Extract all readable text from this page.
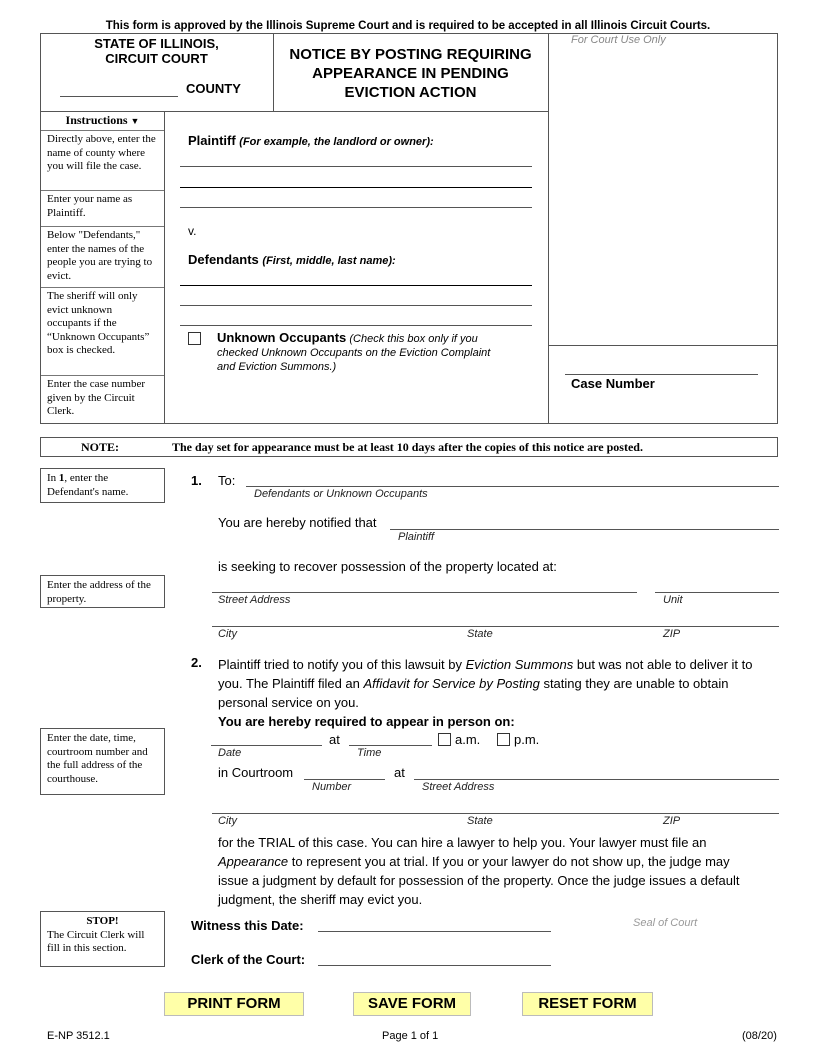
This form is approved by the Illinois Supreme Court and is required to be accepted in all Illinois Circuit Courts.
STATE OF ILLINOIS,
CIRCUIT COURT
COUNTY
NOTICE BY POSTING REQUIRING
APPEARANCE IN PENDING
EVICTION ACTION
For Court Use Only
Instructions ▼
Directly above, enter the name of county where you will file the case.
Enter your name as Plaintiff.
Below "Defendants," enter the names of the people you are trying to evict.
The sheriff will only evict unknown occupants if the “Unknown Occupants” box is checked.
Enter the case number given by the Circuit Clerk.
Plaintiff (For example, the landlord or owner):
v.
Defendants (First, middle, last name):
Unknown Occupants (Check this box only if you
checked Unknown Occupants on the Eviction Complaint
and Eviction Summons.)
Case Number
NOTE:	The day set for appearance must be at least 10 days after the copies of this notice are posted.
In 1, enter the Defendant's name.
Enter the address of the property.
Enter the date, time, courtroom number and the full address of the courthouse.
STOP!
The Circuit Clerk will fill in this section.
1. To:
Defendants or Unknown Occupants
You are hereby notified that
Plaintiff
is seeking to recover possession of the property located at:
Street Address	Unit
City	State	ZIP
2. Plaintiff tried to notify you of this lawsuit by Eviction Summons but was not able to deliver it to
you. The Plaintiff filed an Affidavit for Service by Posting stating they are unable to obtain
personal service on you.
You are hereby required to appear in person on:
at	a.m.	p.m.
Date	Time
in Courtroom	at
Number	Street Address
City	State	ZIP
for the TRIAL of this case. You can hire a lawyer to help you. Your lawyer must file an
Appearance to represent you at trial. If you or your lawyer do not show up, the judge may
issue a judgment by default for possession of the property. Once the judge issues a default
judgment, the sheriff may evict you.
Witness this Date:	Seal of Court
Clerk of the Court:
PRINT FORM	SAVE FORM	RESET FORM
E-NP 3512.1	Page 1 of 1	(08/20)
